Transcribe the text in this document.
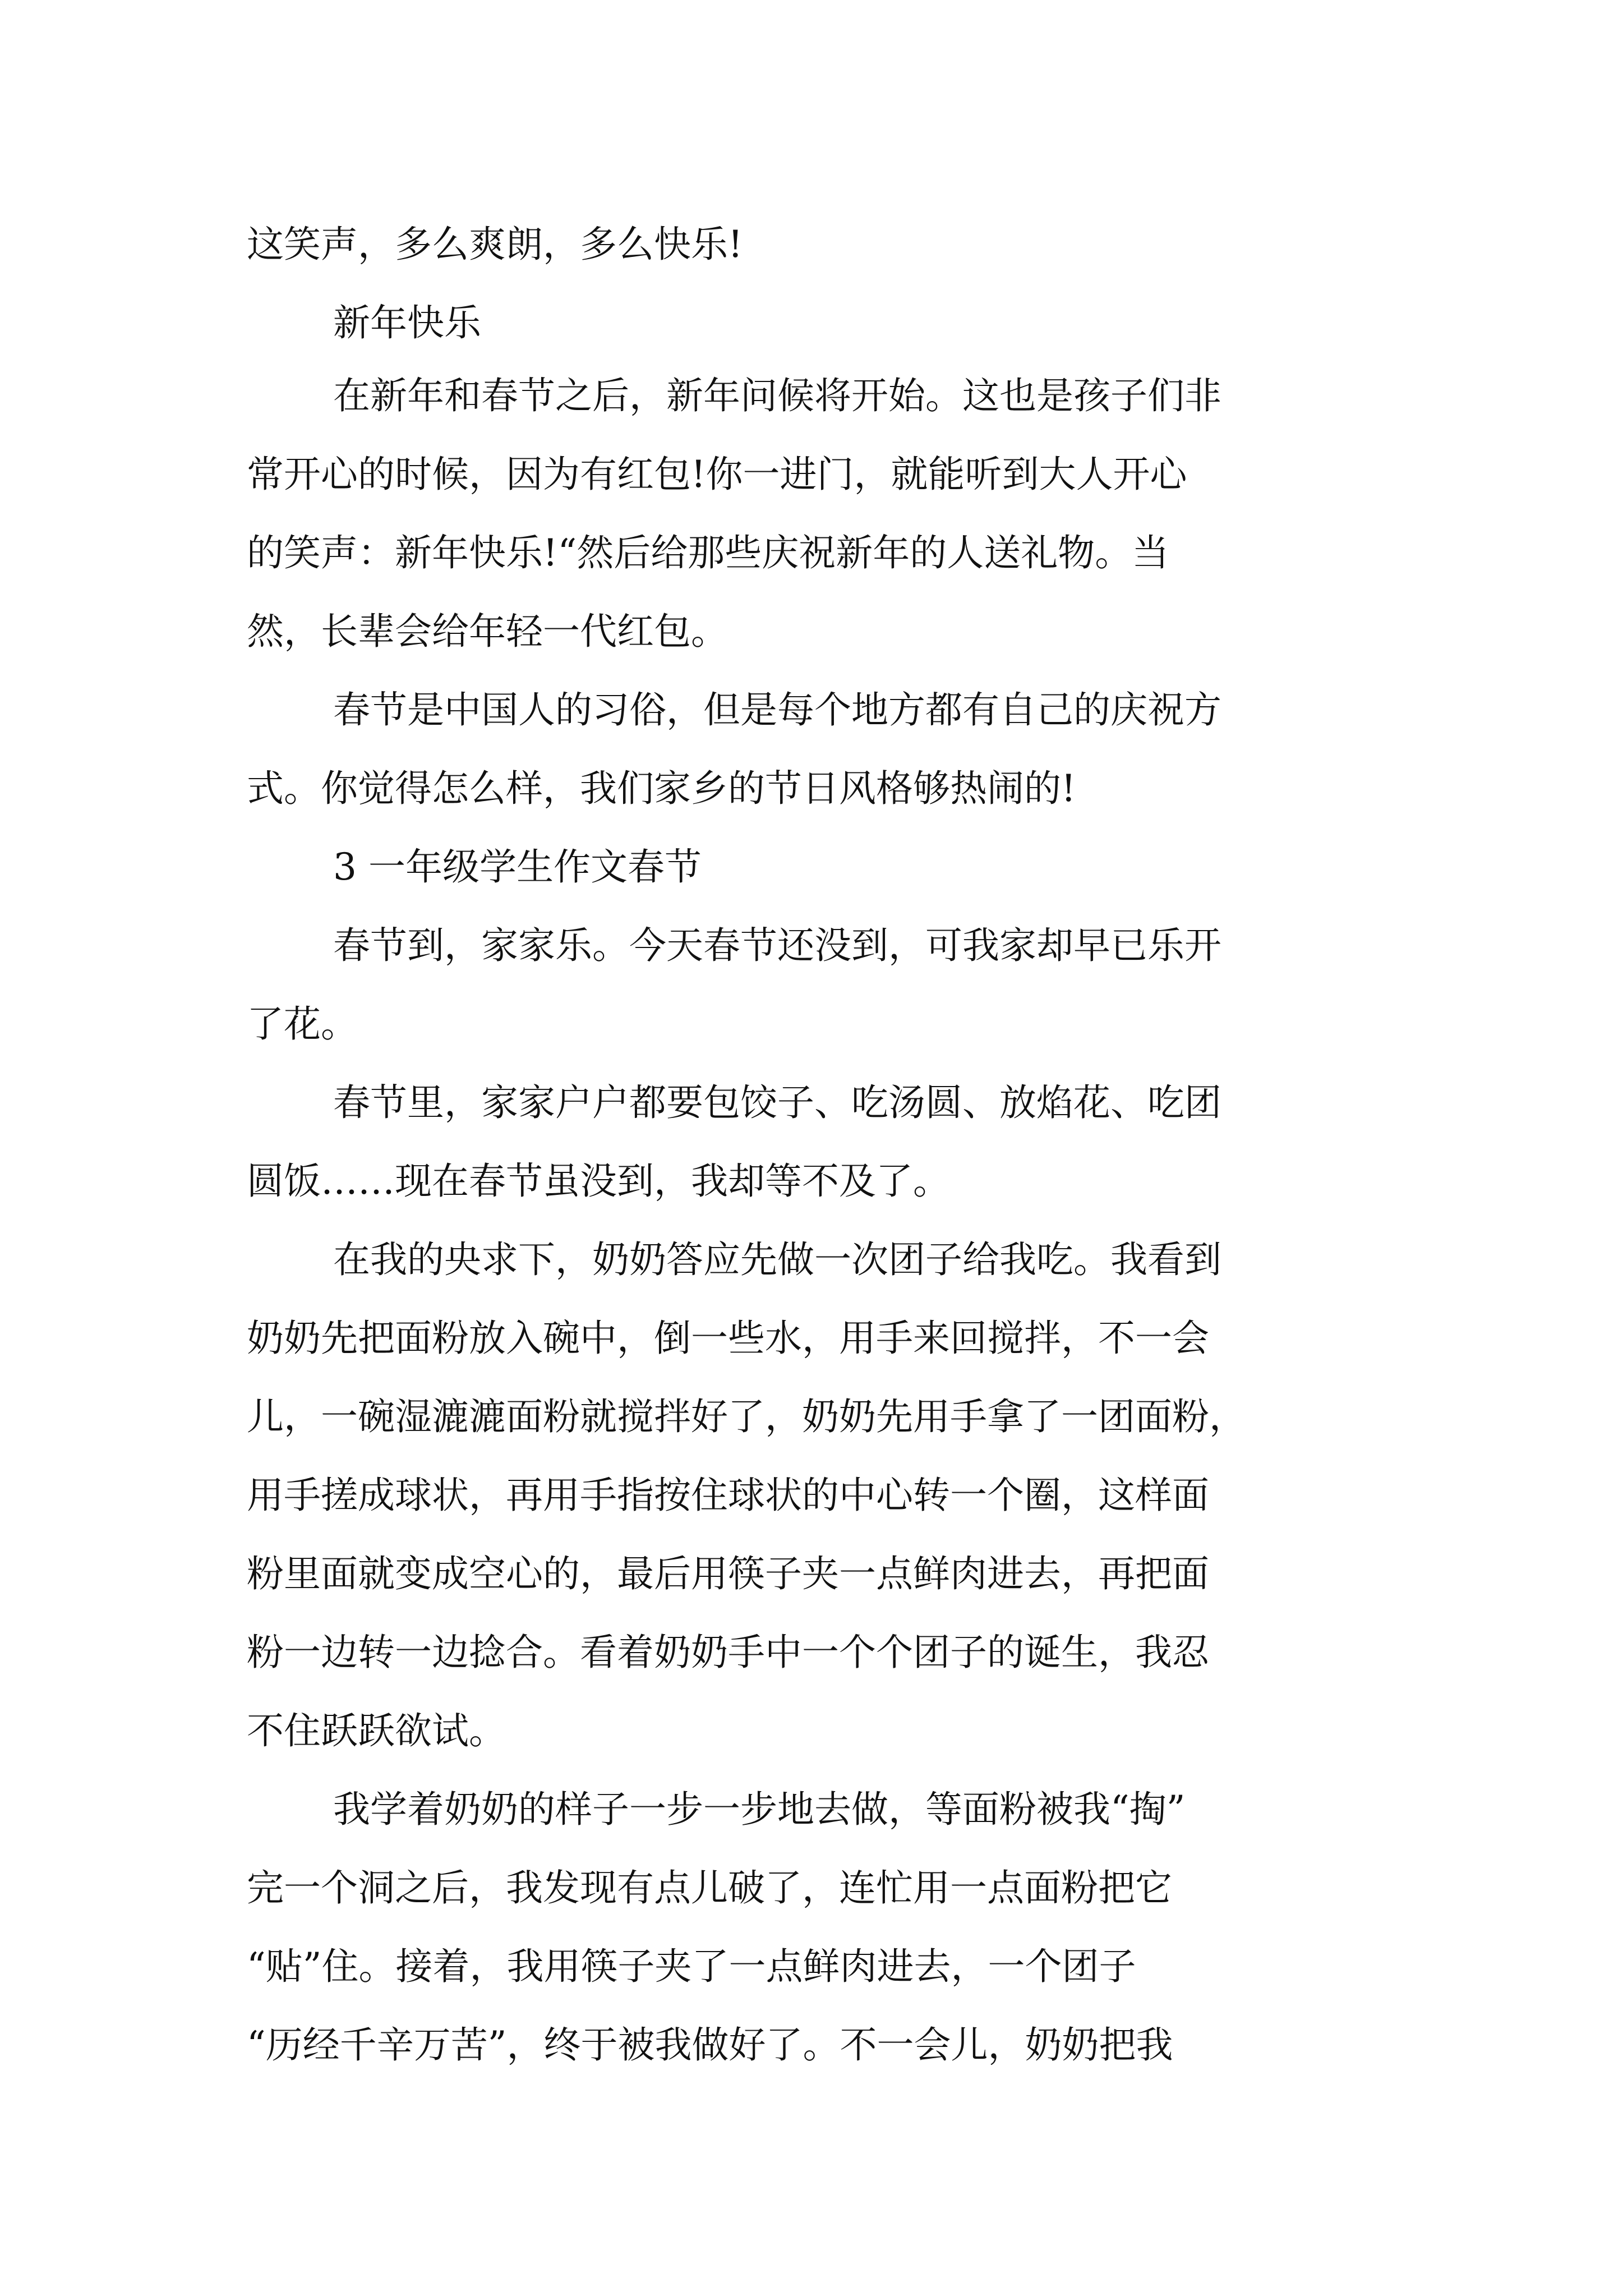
这笑声，多么爽朗，多么快乐!

新年快乐

在新年和春节之后，新年问候将开始。这也是孩子们非

常开心的时候，因为有红包!你一进门，就能听到大人开心

的笑声：新年快乐!“然后给那些庆祝新年的人送礼物。当

然，长辈会给年轻一代红包。

春节是中国人的习俗，但是每个地方都有自己的庆祝方

式。你觉得怎么样，我们家乡的节日风格够热闹的!

3 一年级学生作文春节

春节到，家家乐。今天春节还没到，可我家却早已乐开

了花。

春节里，家家户户都要包饺子、吃汤圆、放焰花、吃团

圆饭……现在春节虽没到，我却等不及了。

在我的央求下，奶奶答应先做一次团子给我吃。我看到

奶奶先把面粉放入碗中，倒一些水，用手来回搅拌，不一会

儿，一碗湿漉漉面粉就搅拌好了，奶奶先用手拿了一团面粉，

用手搓成球状，再用手指按住球状的中心转一个圈，这样面

粉里面就变成空心的，最后用筷子夹一点鲜肉进去，再把面

粉一边转一边捻合。看着奶奶手中一个个团子的诞生，我忍

不住跃跃欲试。

我学着奶奶的样子一步一步地去做，等面粉被我“掏”

完一个洞之后，我发现有点儿破了，连忙用一点面粉把它

“贴”住。接着，我用筷子夹了一点鲜肉进去，一个团子

“历经千辛万苦”，终于被我做好了。不一会儿，奶奶把我
